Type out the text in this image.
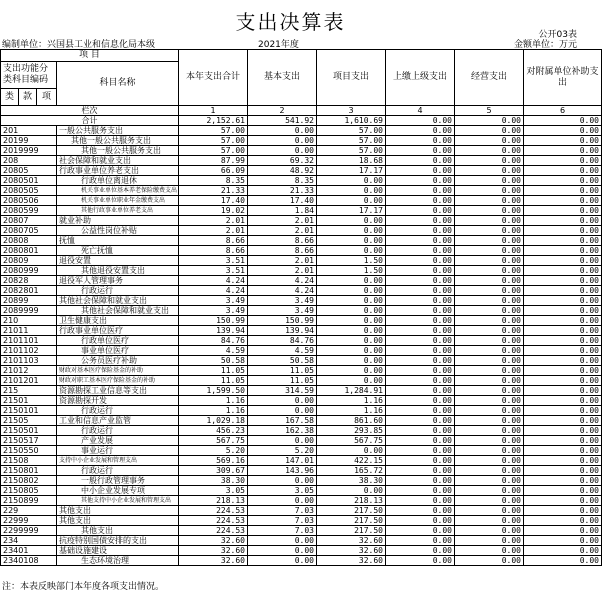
支出决算表
公开03表
编制单位：兴国县工业和信息化局本级	2021年度	金额单位：万元
项 目				本年支出合计	基本支出	项目支出	上缴上级支出	经营支出	对附属单位补助支出
支出功能分类科目编码			科目名称						
类	款	项							
栏次				1	2	3	4	5	6
合计				2,152.61	541.92	1,610.69	0.00	0.00	0.00
201			一般公共服务支出	57.00	0.00	57.00	0.00	0.00	0.00
20199			其他一般公共服务支出	57.00	0.00	57.00	0.00	0.00	0.00
2019999			其他一般公共服务支出	57.00	0.00	57.00	0.00	0.00	0.00
208			社会保障和就业支出	87.99	69.32	18.68	0.00	0.00	0.00
20805			行政事业单位养老支出	66.09	48.92	17.17	0.00	0.00	0.00
2080501			行政单位离退休	8.35	8.35	0.00	0.00	0.00	0.00
2080505			机关事业单位基本养老保险缴费支出	21.33	21.33	0.00	0.00	0.00	0.00
2080506			机关事业单位职业年金缴费支出	17.40	17.40	0.00	0.00	0.00	0.00
2080599			其他行政事业单位养老支出	19.02	1.84	17.17	0.00	0.00	0.00
20807			就业补助	2.01	2.01	0.00	0.00	0.00	0.00
2080705			公益性岗位补贴	2.01	2.01	0.00	0.00	0.00	0.00
20808			抚恤	8.66	8.66	0.00	0.00	0.00	0.00
2080801			死亡抚恤	8.66	8.66	0.00	0.00	0.00	0.00
20809			退役安置	3.51	2.01	1.50	0.00	0.00	0.00
2080999			其他退役安置支出	3.51	2.01	1.50	0.00	0.00	0.00
20828			退役军人管理事务	4.24	4.24	0.00	0.00	0.00	0.00
2082801			行政运行	4.24	4.24	0.00	0.00	0.00	0.00
20899			其他社会保障和就业支出	3.49	3.49	0.00	0.00	0.00	0.00
2089999			其他社会保障和就业支出	3.49	3.49	0.00	0.00	0.00	0.00
210			卫生健康支出	150.99	150.99	0.00	0.00	0.00	0.00
21011			行政事业单位医疗	139.94	139.94	0.00	0.00	0.00	0.00
2101101			行政单位医疗	84.76	84.76	0.00	0.00	0.00	0.00
2101102			事业单位医疗	4.59	4.59	0.00	0.00	0.00	0.00
2101103			公务员医疗补助	50.58	50.58	0.00	0.00	0.00	0.00
21012			财政对基本医疗保险基金的补助	11.05	11.05	0.00	0.00	0.00	0.00
2101201			财政对职工基本医疗保险基金的补助	11.05	11.05	0.00	0.00	0.00	0.00
215			资源勘探工业信息等支出	1,599.50	314.59	1,284.91	0.00	0.00	0.00
21501			资源勘探开发	1.16	0.00	1.16	0.00	0.00	0.00
2150101			行政运行	1.16	0.00	1.16	0.00	0.00	0.00
21505			工业和信息产业监管	1,029.18	167.58	861.60	0.00	0.00	0.00
2150501			行政运行	456.23	162.38	293.85	0.00	0.00	0.00
2150517			产业发展	567.75	0.00	567.75	0.00	0.00	0.00
2150550			事业运行	5.20	5.20	0.00	0.00	0.00	0.00
21508			支持中小企业发展和管理支出	569.16	147.01	422.15	0.00	0.00	0.00
2150801			行政运行	309.67	143.96	165.72	0.00	0.00	0.00
2150802			一般行政管理事务	38.30	0.00	38.30	0.00	0.00	0.00
2150805			中小企业发展专项	3.05	3.05	0.00	0.00	0.00	0.00
2150899			其他支持中小企业发展和管理支出	218.13	0.00	218.13	0.00	0.00	0.00
229			其他支出	224.53	7.03	217.50	0.00	0.00	0.00
22999			其他支出	224.53	7.03	217.50	0.00	0.00	0.00
2299999			其他支出	224.53	7.03	217.50	0.00	0.00	0.00
234			抗疫特别国债安排的支出	32.60	0.00	32.60	0.00	0.00	0.00
23401			基础设施建设	32.60	0.00	32.60	0.00	0.00	0.00
2340108			生态环境治理	32.60	0.00	32.60	0.00	0.00	0.00
注：本表反映部门本年度各项支出情况。
